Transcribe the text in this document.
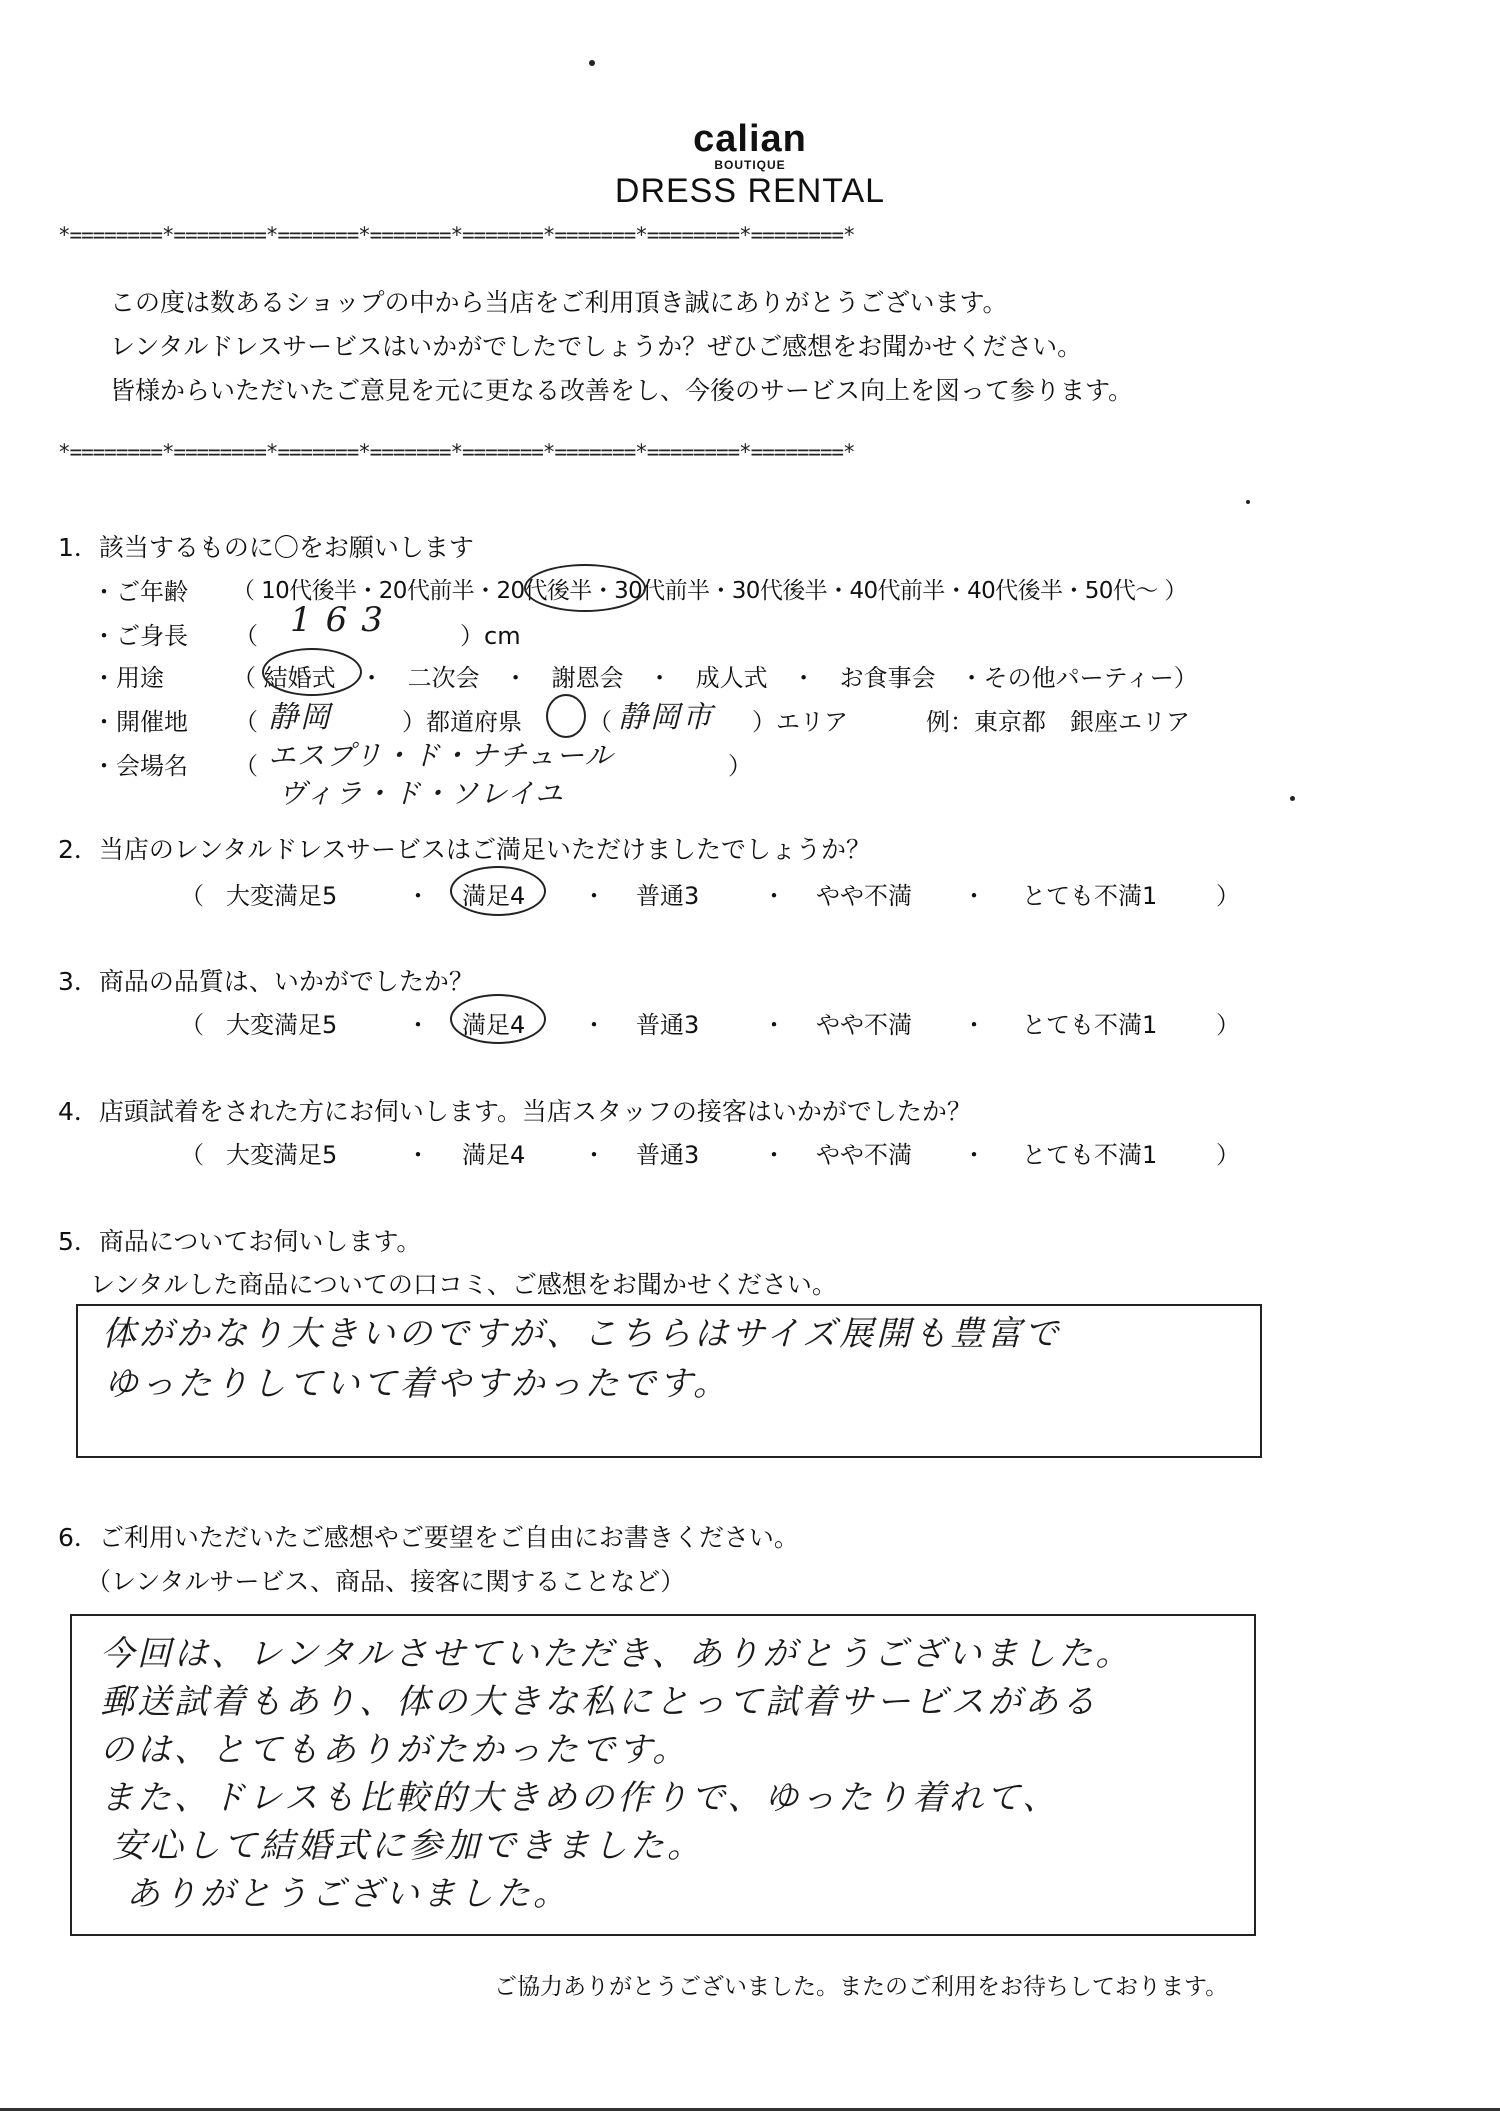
calian
BOUTIQUE
DRESS RENTAL
*========*========*=======*=======*=======*=======*========*========*
この度は数あるショップの中から当店をご利用頂き誠にありがとうございます。
レンタルドレスサービスはいかがでしたでしょうか？ぜひご感想をお聞かせください。
皆様からいただいたご意見を元に更なる改善をし、今後のサービス向上を図って参ります。
*========*========*=======*=======*=======*=======*========*========*
1．該当するものに〇をお願いします
・ご年齢 （ 10代後半・20代前半・20代後半・30代前半・30代後半・40代前半・40代後半・50代〜 ）
・ご身長 （ 163	）cm
・用途	（ 結婚式　・　二次会　・　謝恩会　・　成人式　・　お食事会　・その他パーティー）
・開催地 （ 静岡	）都道府県	（ 静岡市 ）エリア	例：東京都　銀座エリア
・会場名 （ エスプリ・ド・ナチュール
ヴィラ・ド・ソレイユ
）
2．当店のレンタルドレスサービスはご満足いただけましたでしょうか？
（ 大変満足5	・ 満足4 ・ 普通3	・ やや不満 ・ とても不満1 ）
3．商品の品質は、いかがでしたか？
（ 大変満足5	・ 満足4 ・ 普通3	・ やや不満 ・ とても不満1 ）
4．店頭試着をされた方にお伺いします。当店スタッフの接客はいかがでしたか？
（ 大変満足5	・ 満足4 ・ 普通3	・ やや不満 ・ とても不満1 ）
5．商品についてお伺いします。
レンタルした商品についての口コミ、ご感想をお聞かせください。
体がかなり大きいのですが、こちらはサイズ展開も豊富で
ゆったりしていて着やすかったです。
6．ご利用いただいたご感想やご要望をご自由にお書きください。
（レンタルサービス、商品、接客に関することなど）
今回は、レンタルさせていただき、ありがとうございました。
郵送試着もあり、体の大きな私にとって試着サービスがある
のは、とてもありがたかったです。
また、ドレスも比較的大きめの作りで、ゆったり着れて、
安心して結婚式に参加できました。
ありがとうございました。
ご協力ありがとうございました。またのご利用をお待ちしております。
